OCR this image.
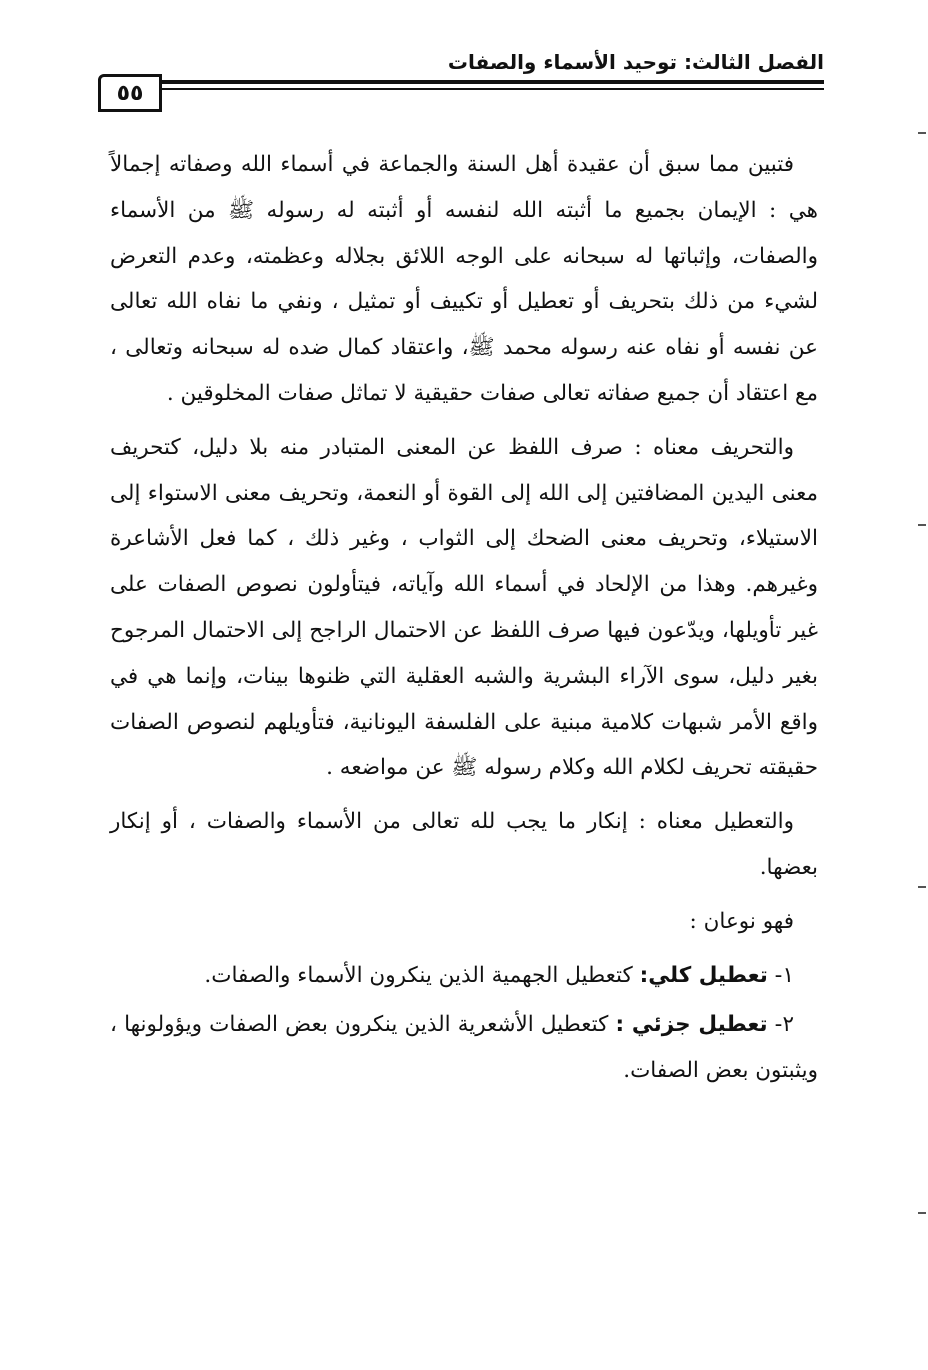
٥٥
الفصل الثالث: توحيد الأسماء والصفات

فتبين مما سبق أن عقيدة أهل السنة والجماعة في أسماء الله وصفاته إجمالاً هي : الإيمان بجميع ما أثبته الله لنفسه أو أثبته له رسوله ﷺ من الأسماء والصفات، وإثباتها له سبحانه على الوجه اللائق بجلاله وعظمته، وعدم التعرض لشيء من ذلك بتحريف أو تعطيل أو تكييف أو تمثيل ، ونفي ما نفاه الله تعالى عن نفسه أو نفاه عنه رسوله محمد ﷺ، واعتقاد كمال ضده له سبحانه وتعالى ، مع اعتقاد أن جميع صفاته تعالى صفات حقيقية لا تماثل صفات المخلوقين .

والتحريف معناه : صرف اللفظ عن المعنى المتبادر منه بلا دليل، كتحريف معنى اليدين المضافتين إلى الله إلى القوة أو النعمة، وتحريف معنى الاستواء إلى الاستيلاء، وتحريف معنى الضحك إلى الثواب ، وغير ذلك ، كما فعل الأشاعرة وغيرهم. وهذا من الإلحاد في أسماء الله وآياته، فيتأولون نصوص الصفات على غير تأويلها، ويدّعون فيها صرف اللفظ عن الاحتمال الراجح إلى الاحتمال المرجوح بغير دليل، سوى الآراء البشرية والشبه العقلية التي ظنوها بينات، وإنما هي في واقع الأمر شبهات كلامية مبنية على الفلسفة اليونانية، فتأويلهم لنصوص الصفات حقيقته تحريف لكلام الله وكلام رسوله ﷺ عن مواضعه .

والتعطيل معناه : إنكار ما يجب لله تعالى من الأسماء والصفات ، أو إنكار بعضها.

فهو نوعان :

١- تعطيل كلي: كتعطيل الجهمية الذين ينكرون الأسماء والصفات.

٢- تعطيل جزئي : كتعطيل الأشعرية الذين ينكرون بعض الصفات ويؤولونها ، ويثبتون بعض الصفات.
